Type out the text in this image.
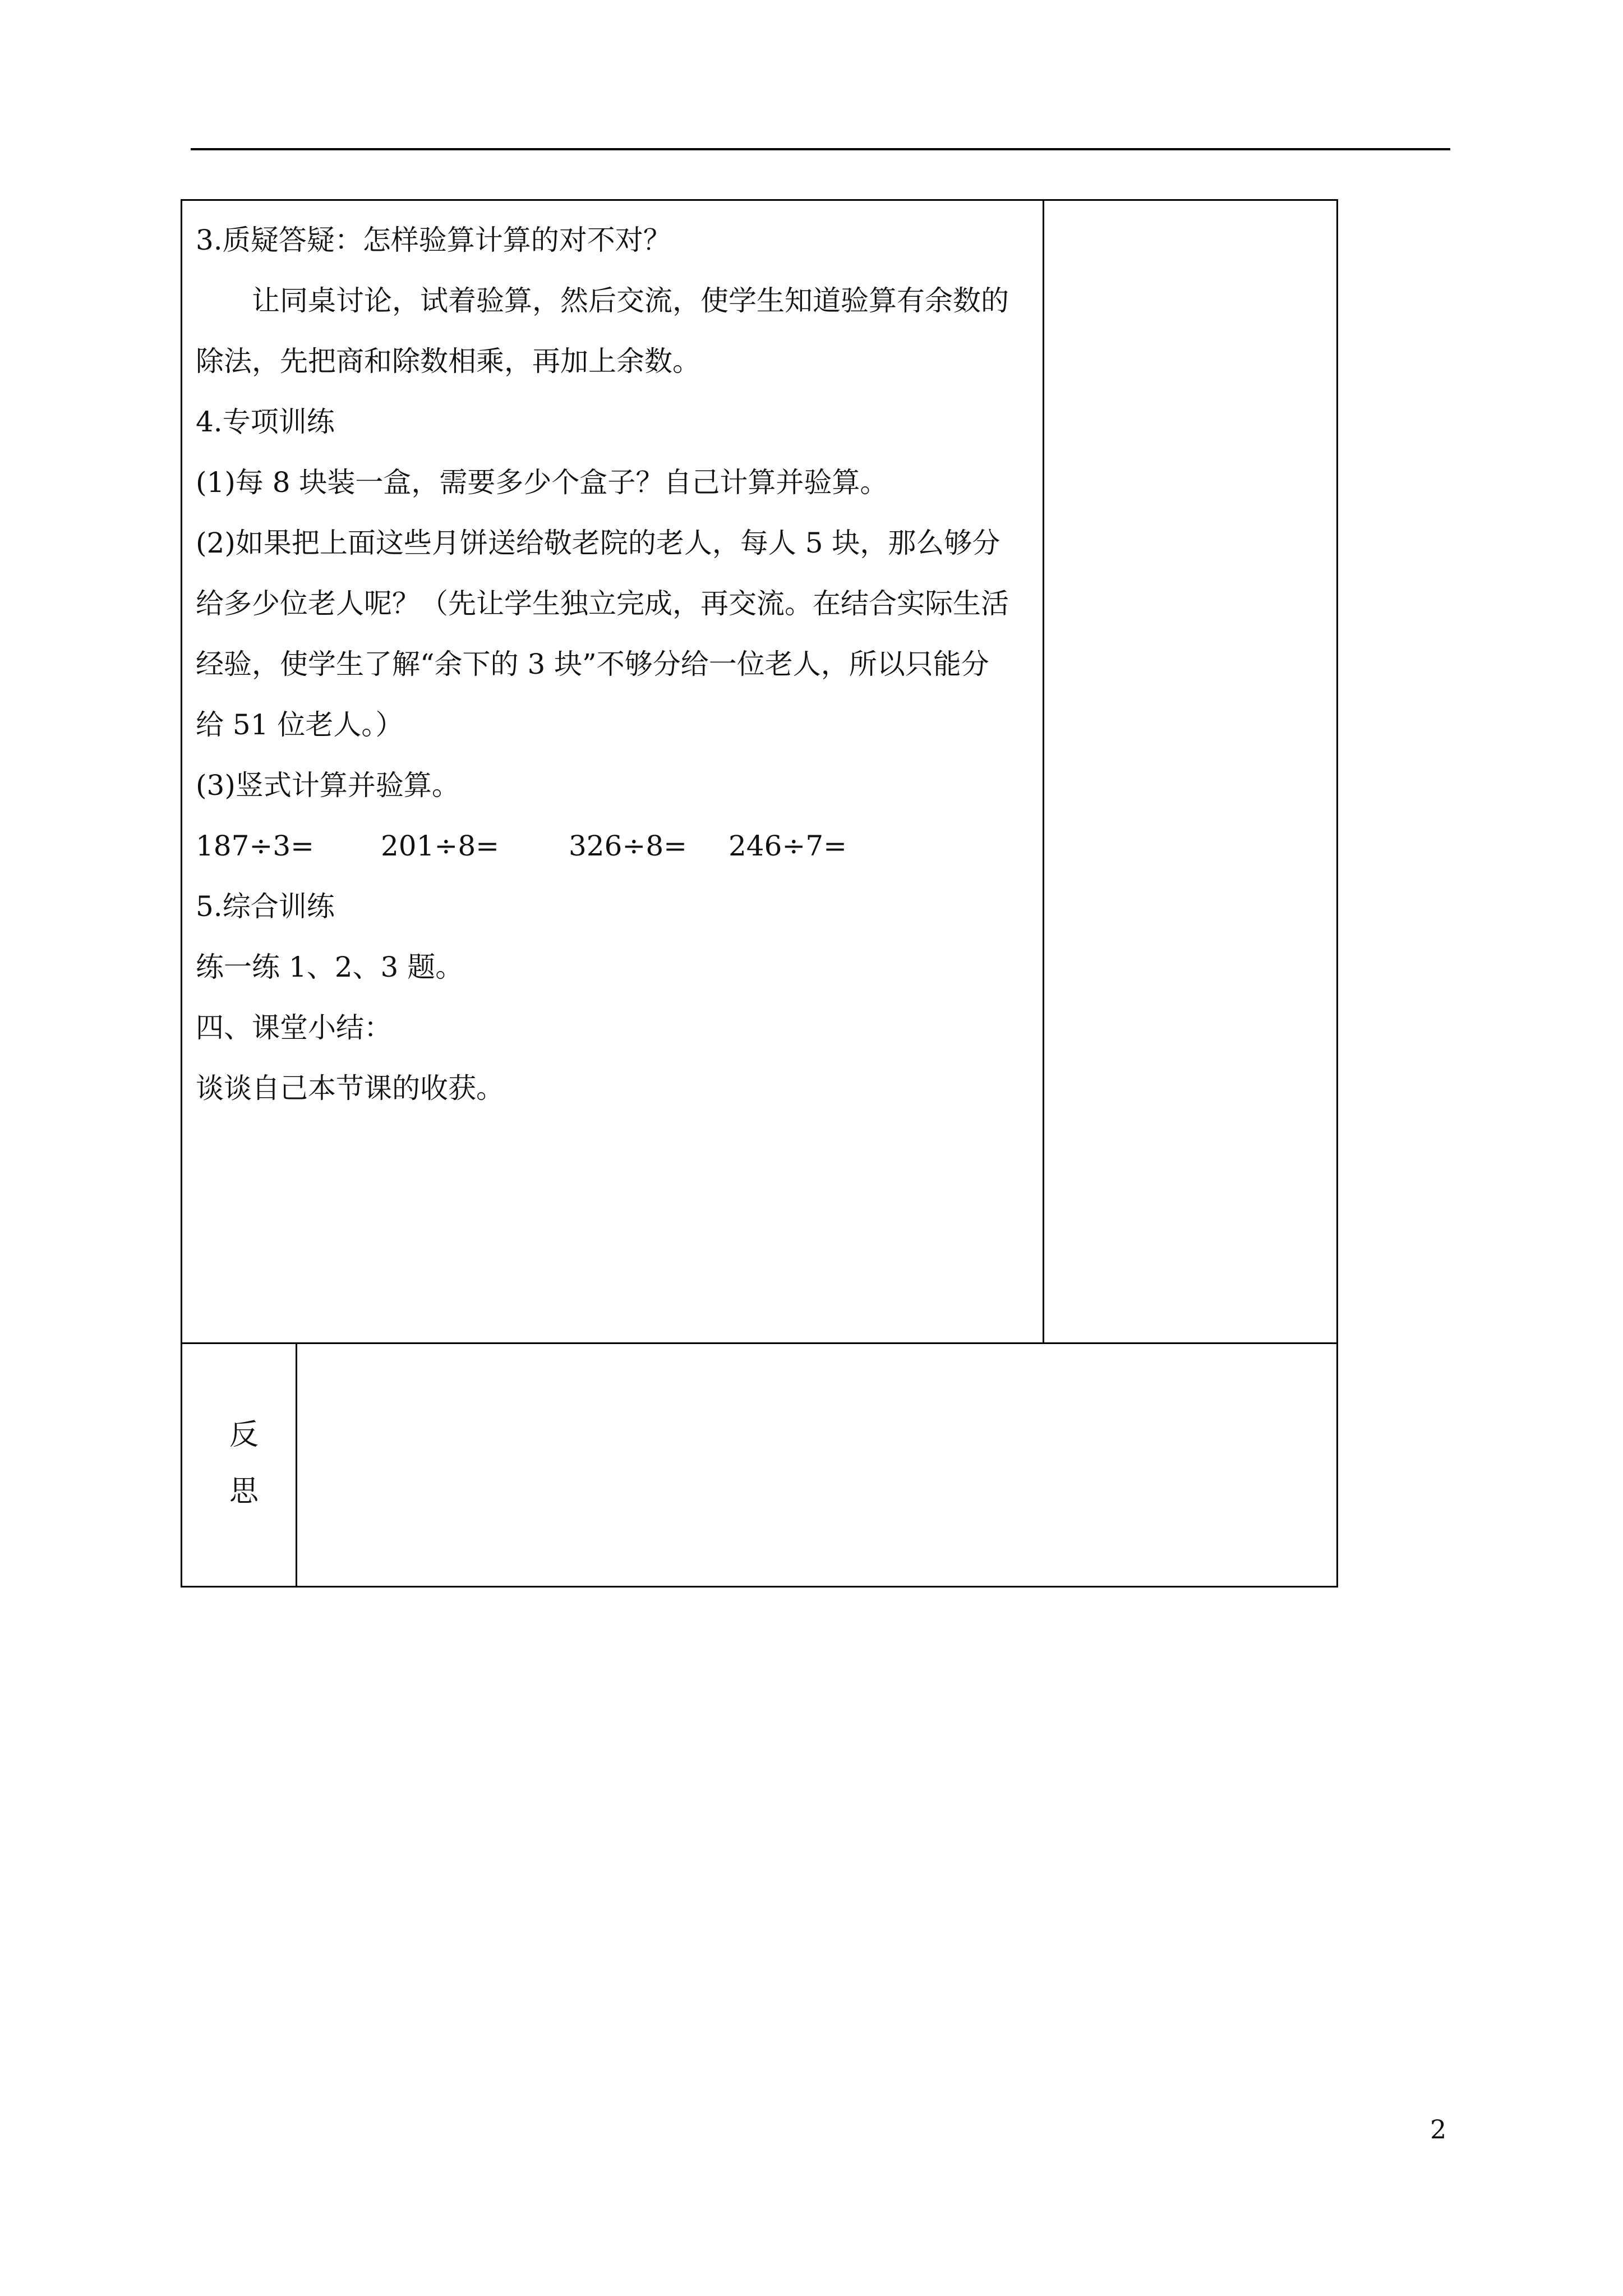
3.质疑答疑：怎样验算计算的对不对？
让同桌讨论，试着验算，然后交流，使学生知道验算有余数的
除法，先把商和除数相乘，再加上余数。
4.专项训练
(1)每 8 块装一盒，需要多少个盒子？自己计算并验算。
(2)如果把上面这些月饼送给敬老院的老人，每人 5 块，那么够分
给多少位老人呢？（先让学生独立完成，再交流。在结合实际生活
经验，使学生了解“余下的 3 块”不够分给一位老人，所以只能分
给 51 位老人。）
(3)竖式计算并验算。
187÷3= 201÷8= 326÷8= 246÷7=
5.综合训练
练一练 1、2、3 题。
四、课堂小结：
谈谈自己本节课的收获。
反
思
2
